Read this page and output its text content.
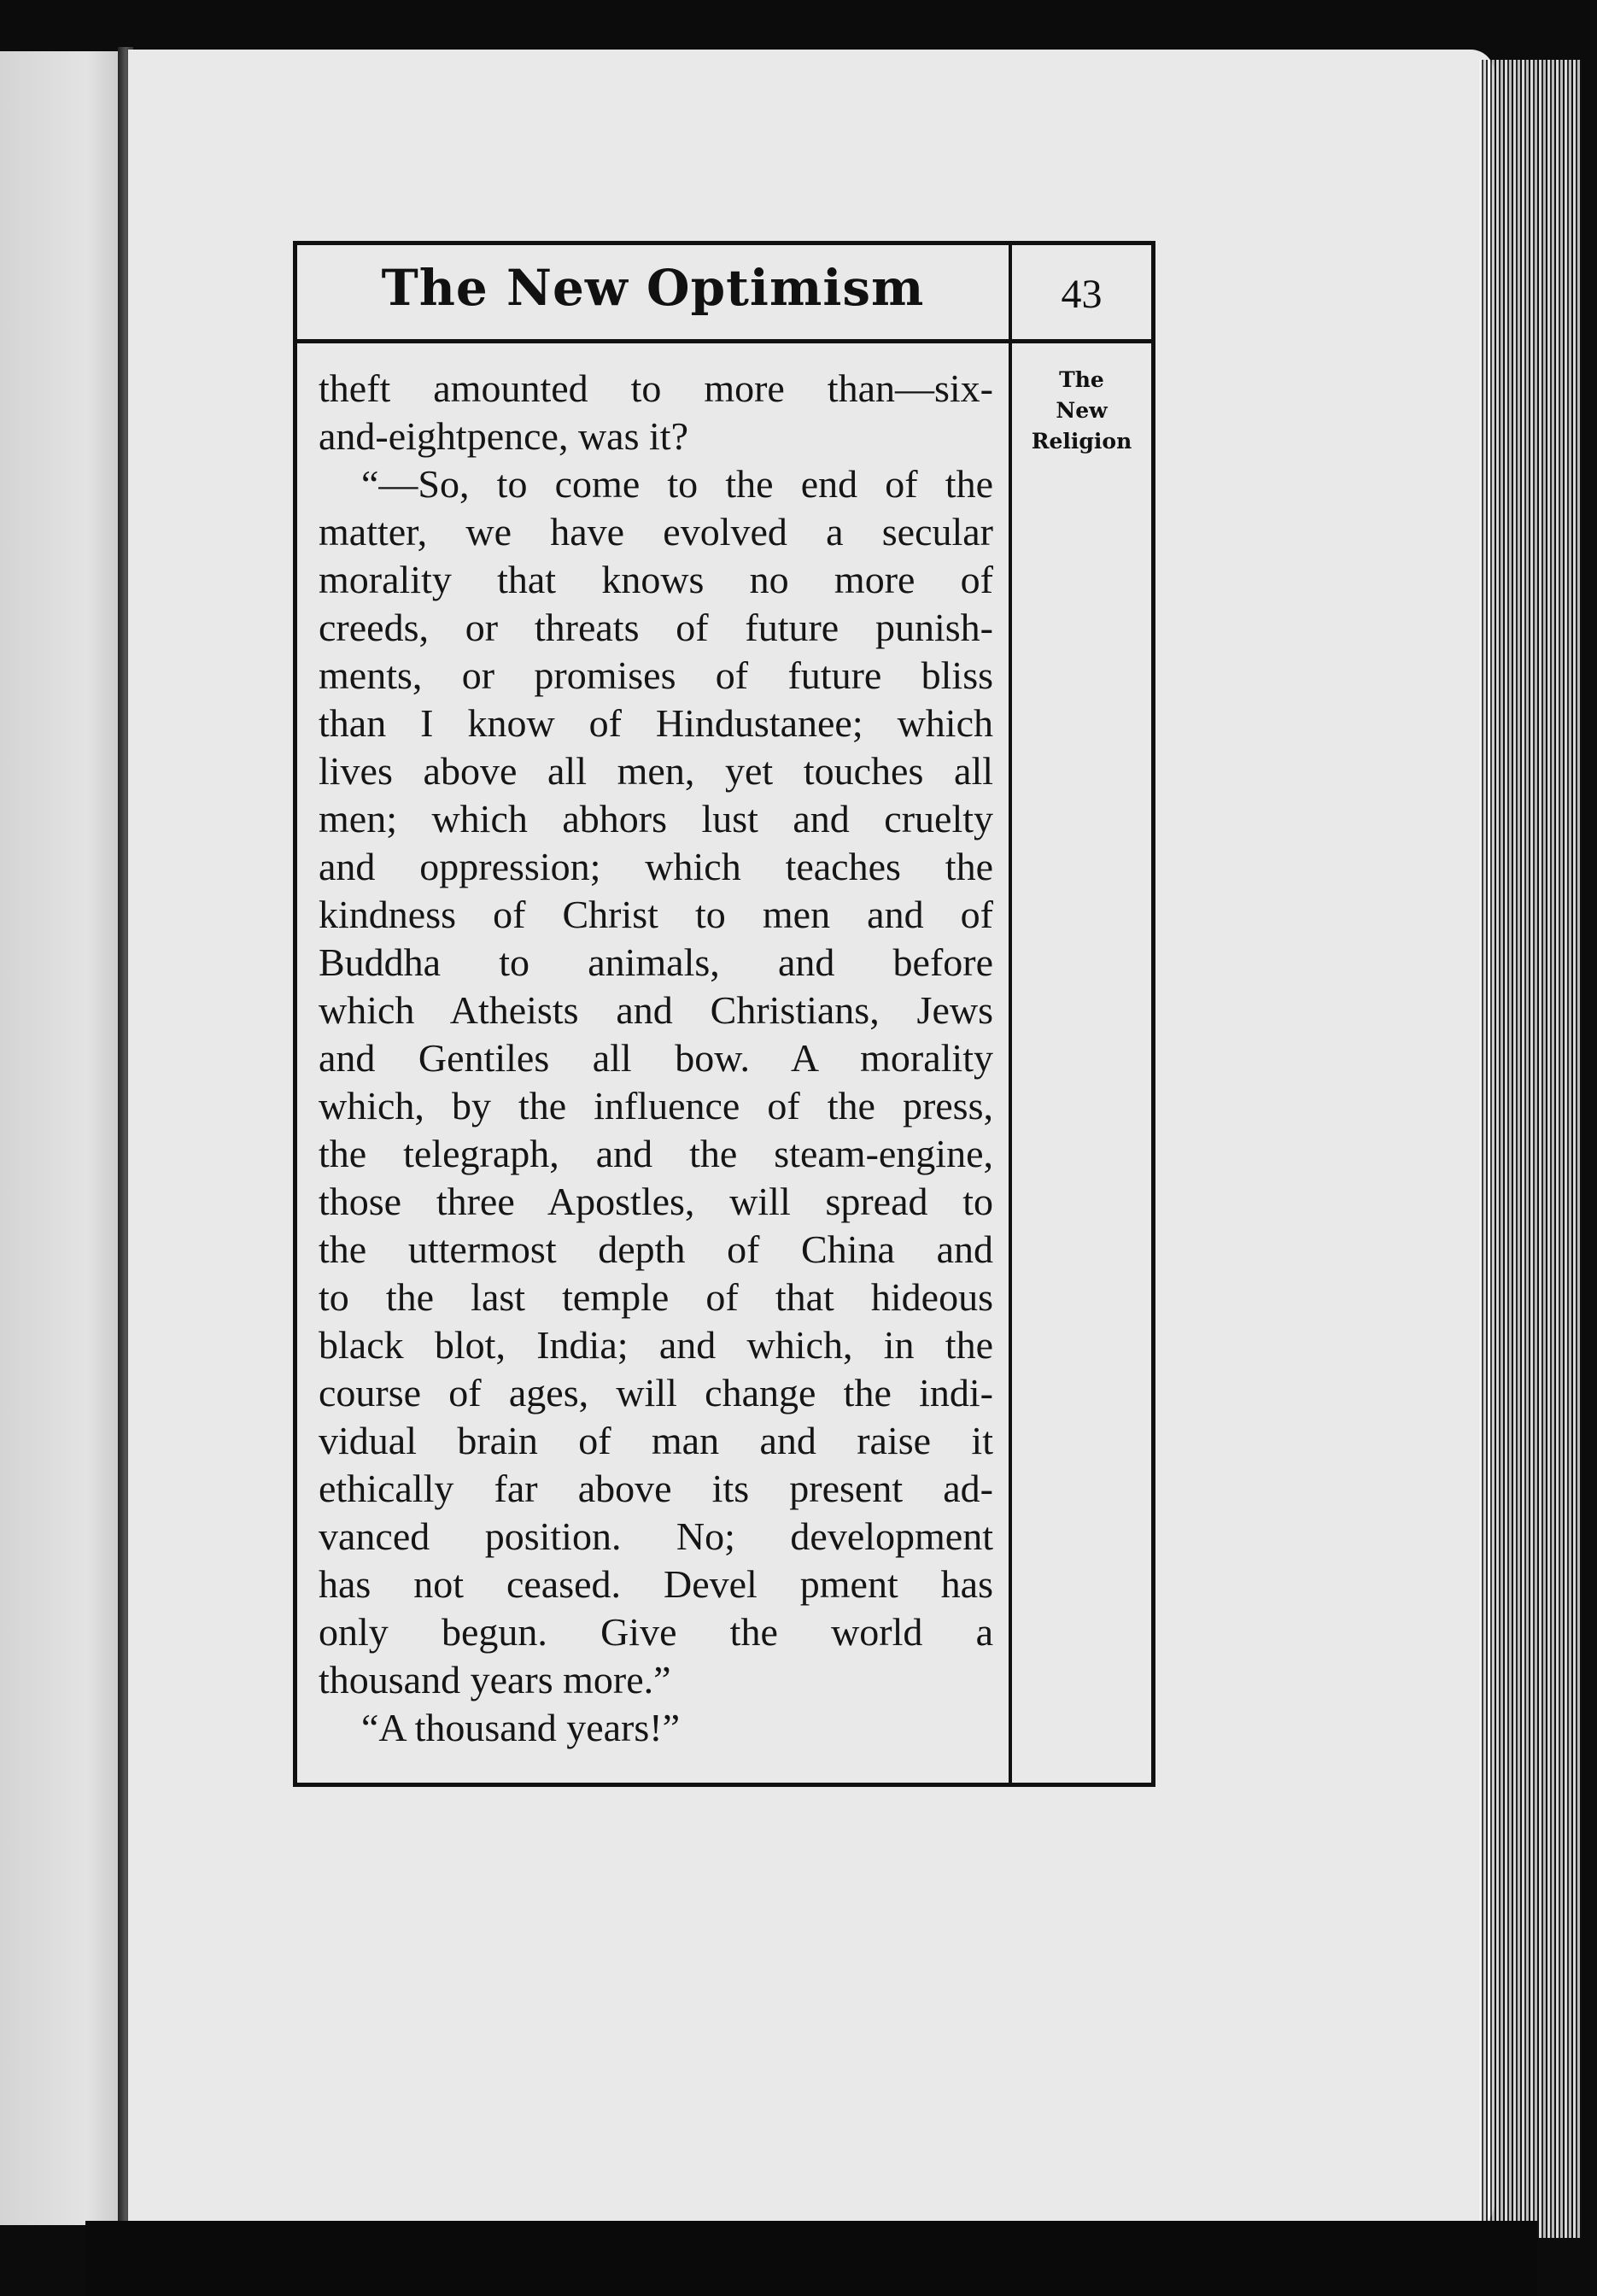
The New Optimism	43
The
New
Religion
theft amounted to more than—six-
and-eightpence, was it?
“—So, to come to the end of the
matter, we have evolved a secular
morality that knows no more of
creeds, or threats of future punish-
ments, or promises of future bliss
than I know of Hindustanee; which
lives above all men, yet touches all
men; which abhors lust and cruelty
and oppression; which teaches the
kindness of Christ to men and of
Buddha to animals, and before
which Atheists and Christians, Jews
and Gentiles all bow. A morality
which, by the influence of the press,
the telegraph, and the steam-engine,
those three Apostles, will spread to
the uttermost depth of China and
to the last temple of that hideous
black blot, India; and which, in the
course of ages, will change the indi-
vidual brain of man and raise it
ethically far above its present ad-
vanced position. No; development
has not ceased. Devel pment has
only begun. Give the world a
thousand years more.”
“A thousand years!”
